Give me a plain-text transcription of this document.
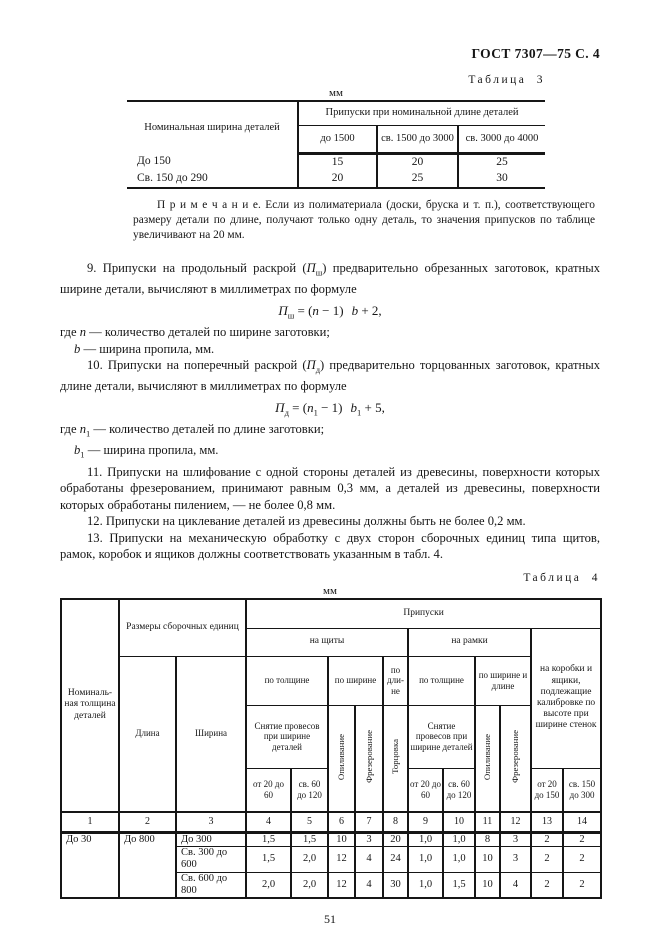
ГОСТ 7307—75 С. 4
Таблица 3
мм
Номинальная ширина деталей	Припуски при номинальной длине деталей		
	до 1500	св. 1500 до 3000	св. 3000 до 4000
До 150	15	20	25
Св. 150 до 290	20	25	30
П р и м е ч а н и е. Если из полиматериала (доски, бруска и т. п.), соответствующего размеру детали по длине, получают только одну деталь, то значения припусков по таблице увеличивают на 20 мм.

9. Припуски на продольный раскрой $(П_ш)$ предварительно обрезанных заготовок, кратных ширине детали, вычисляют в миллиметрах по формуле

$П_ш = (n - 1) b + 2$,
где n — количество деталей по ширине заготовки;
b — ширина пропила, мм.

10. Припуски на поперечный раскрой $(П_д)$ предварительно торцованных заготовок, кратных длине детали, вычисляют в миллиметрах по формуле

$П_д = (n_1 - 1) b_1 + 5$,
где $n_1$ — количество деталей по длине заготовки;
$b_1$ — ширина пропила, мм.

11. Припуски на шлифование с одной стороны деталей из древесины, поверхности которых обработаны фрезерованием, принимают равным 0,3 мм, а деталей из древесины, поверхности которых обработаны пилением, — не более 0,8 мм.

12. Припуски на циклевание деталей из древесины должны быть не более 0,2 мм.

13. Припуски на механическую обработку с двух сторон сборочных единиц типа щитов, рамок, коробок и ящиков должны соответствовать указанным в табл. 4.

Таблица 4
мм
Номинальная толщина деталей	Размеры сборочных единиц		Припуски										
			на щиты					на рамки				на коробки и ящики, подлежащие калибровке по высоте при ширине стенок	
	Длина	Ширина	по толщине		по ширине		по длине	по толщине		по ширине и длине			
			Снятие провесов при ширине деталей		Опиливание	Фрезерование	Торцовка	Снятие провесов при ширине деталей		Опиливание	Фрезерование		
			от 20 до 60	св. 60 до 120				от 20 до 60	св. 60 до 120			от 20 до 150	св. 150 до 300
1	2	3	4	5	6	7	8	9	10	11	12	13	14
До 30	До 800	До 300	1,5	1,5	10	3	20	1,0	1,0	8	3	2	2
		Св. 300 до 600	1,5	2,0	12	4	24	1,0	1,0	10	3	2	2
		Св. 600 до 800	2,0	2,0	12	4	30	1,0	1,5	10	4	2	2
51
